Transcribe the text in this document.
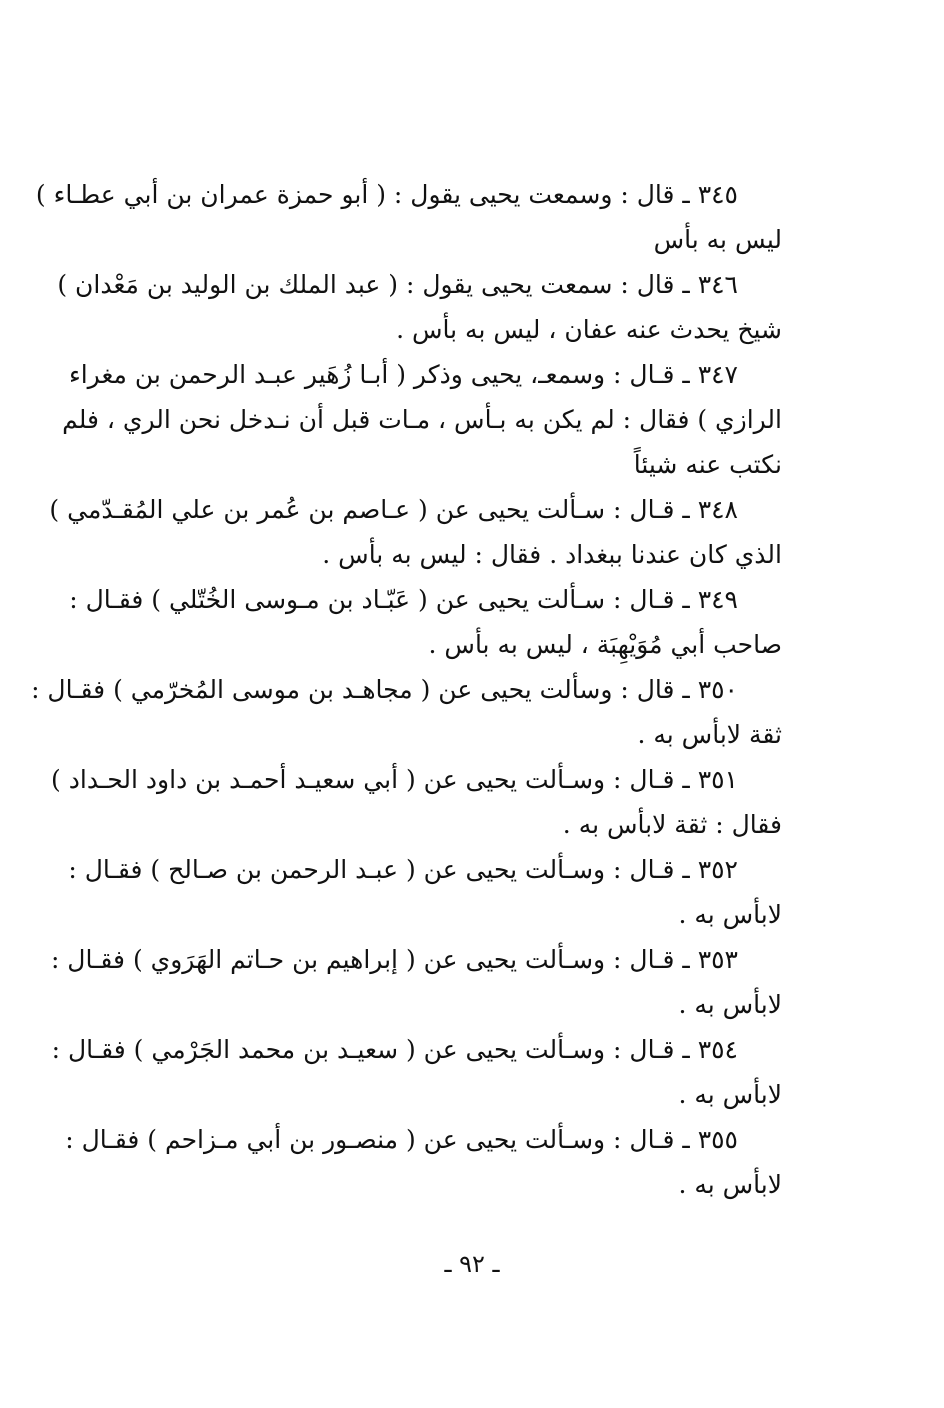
٣٤٥ ـ قال : وسمعت يحيى يقول : ( أبو حمزة عمران بن أبي عطـاء )
ليس به بأس

٣٤٦ ـ قال : سمعت يحيى يقول : ( عبد الملك بن الوليد بن مَعْدان )
شيخ يحدث عنه عفان ، ليس به بأس .

٣٤٧ ـ قـال : وسمعـ، يحيى وذكر ( أبـا زُهَير عبـد الرحمن بن مغراء
الرازي ) فقال : لم يكن به بـأس ، مـات قبل أن نـدخل نحن الري ، فلم
نكتب عنه شيئاً

٣٤٨ ـ قـال : سـألت يحيى عن ( عـاصم بن عُمر بن علي المُقـدّمي )
الذي كان عندنا ببغداد . فقال : ليس به بأس .

٣٤٩ ـ قـال : سـألت يحيى عن ( عَبّـاد بن مـوسى الخُتّلي ) فقـال :
صاحب أبي مُوَيْهِبَة ، ليس به بأس .

٣٥٠ ـ قال : وسألت يحيى عن ( مجاهـد بن موسى المُخرّمي ) فقـال :
ثقة لابأس به .

٣٥١ ـ قـال : وسـألت يحيى عن ( أبي سعيـد أحمـد بن داود الحـداد )
فقال : ثقة لابأس به .

٣٥٢ ـ قـال : وسـألت يحيى عن ( عبـد الرحمن بن صـالح ) فقـال :
لابأس به .

٣٥٣ ـ قـال : وسـألت يحيى عن ( إبراهيم بن حـاتم الهَرَوي ) فقـال :
لابأس به .

٣٥٤ ـ قـال : وسـألت يحيى عن ( سعيـد بن محمد الجَرْمي ) فقـال :
لابأس به .

٣٥٥ ـ قـال : وسـألت يحيى عن ( منصـور بن أبي مـزاحم ) فقـال :
لابأس به .

ـ ٩٢ ـ
